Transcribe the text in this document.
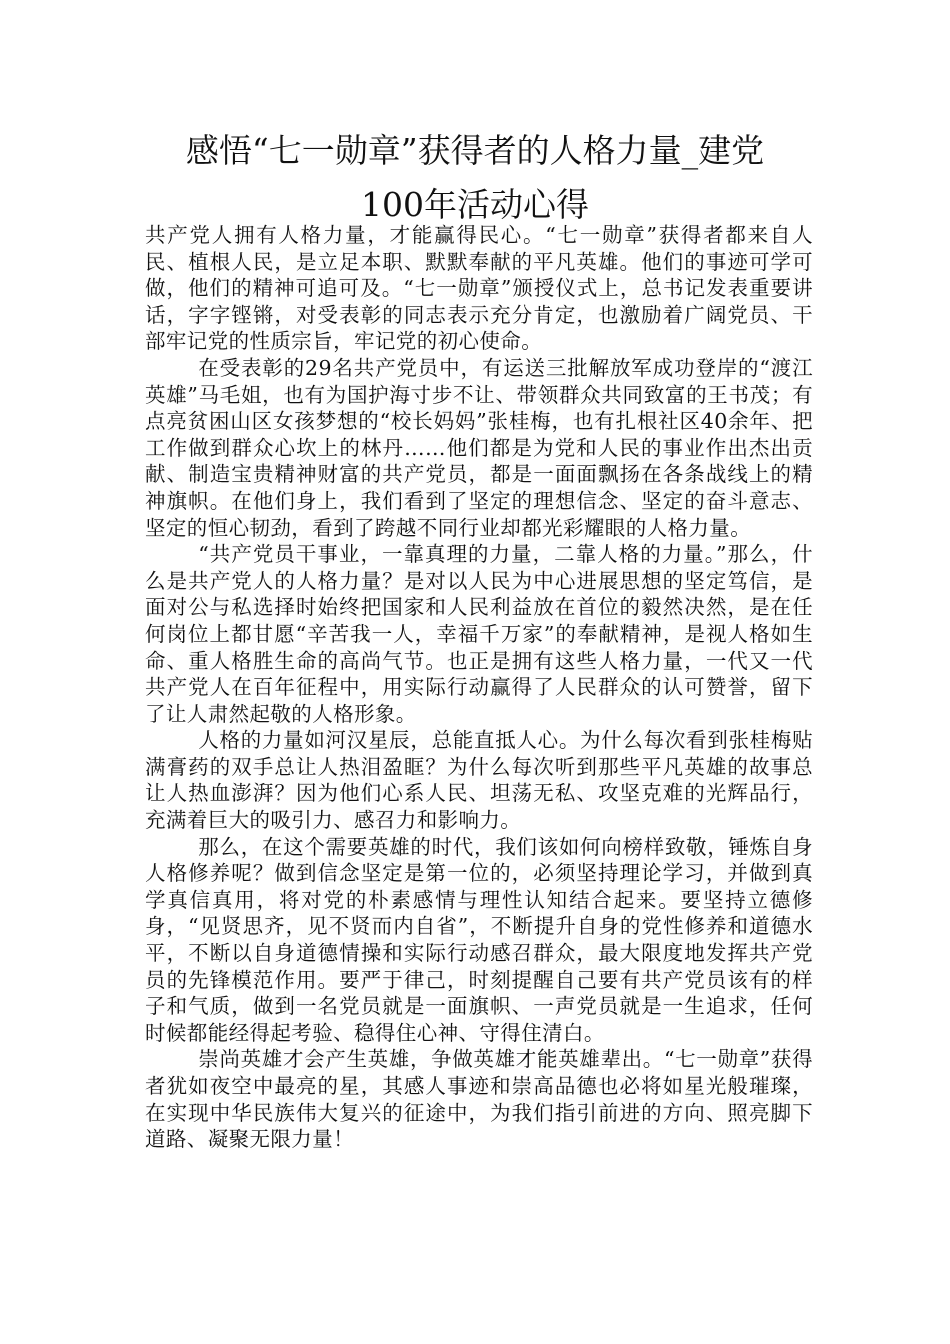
感悟“七一勋章”获得者的人格力量_建党
100年活动心得

共产党人拥有人格力量，才能赢得民心。“七一勋章”获得者都来自人民、植根人民，是立足本职、默默奉献的平凡英雄。他们的事迹可学可做，他们的精神可追可及。“七一勋章”颁授仪式上，总书记发表重要讲话，字字铿锵，对受表彰的同志表示充分肯定，也激励着广阔党员、干部牢记党的性质宗旨，牢记党的初心使命。

在受表彰的29名共产党员中，有运送三批解放军成功登岸的“渡江英雄”马毛姐，也有为国护海寸步不让、带领群众共同致富的王书茂；有点亮贫困山区女孩梦想的“校长妈妈”张桂梅，也有扎根社区40余年、把工作做到群众心坎上的林丹……他们都是为党和人民的事业作出杰出贡献、制造宝贵精神财富的共产党员，都是一面面飘扬在各条战线上的精神旗帜。在他们身上，我们看到了坚定的理想信念、坚定的奋斗意志、坚定的恒心韧劲，看到了跨越不同行业却都光彩耀眼的人格力量。

“共产党员干事业，一靠真理的力量，二靠人格的力量。”那么，什么是共产党人的人格力量？是对以人民为中心进展思想的坚定笃信，是面对公与私选择时始终把国家和人民利益放在首位的毅然决然，是在任何岗位上都甘愿“辛苦我一人，幸福千万家”的奉献精神，是视人格如生命、重人格胜生命的高尚气节。也正是拥有这些人格力量，一代又一代共产党人在百年征程中，用实际行动赢得了人民群众的认可赞誉，留下了让人肃然起敬的人格形象。

人格的力量如河汉星辰，总能直抵人心。为什么每次看到张桂梅贴满膏药的双手总让人热泪盈眶？为什么每次听到那些平凡英雄的故事总让人热血澎湃？因为他们心系人民、坦荡无私、攻坚克难的光辉品行，充满着巨大的吸引力、感召力和影响力。

那么，在这个需要英雄的时代，我们该如何向榜样致敬，锤炼自身人格修养呢？做到信念坚定是第一位的，必须坚持理论学习，并做到真学真信真用，将对党的朴素感情与理性认知结合起来。要坚持立德修身，“见贤思齐，见不贤而内自省”，不断提升自身的党性修养和道德水平，不断以自身道德情操和实际行动感召群众，最大限度地发挥共产党员的先锋模范作用。要严于律己，时刻提醒自己要有共产党员该有的样子和气质，做到一名党员就是一面旗帜、一声党员就是一生追求，任何时候都能经得起考验、稳得住心神、守得住清白。

崇尚英雄才会产生英雄，争做英雄才能英雄辈出。“七一勋章”获得者犹如夜空中最亮的星，其感人事迹和崇高品德也必将如星光般璀璨，在实现中华民族伟大复兴的征途中，为我们指引前进的方向、照亮脚下道路、凝聚无限力量！
